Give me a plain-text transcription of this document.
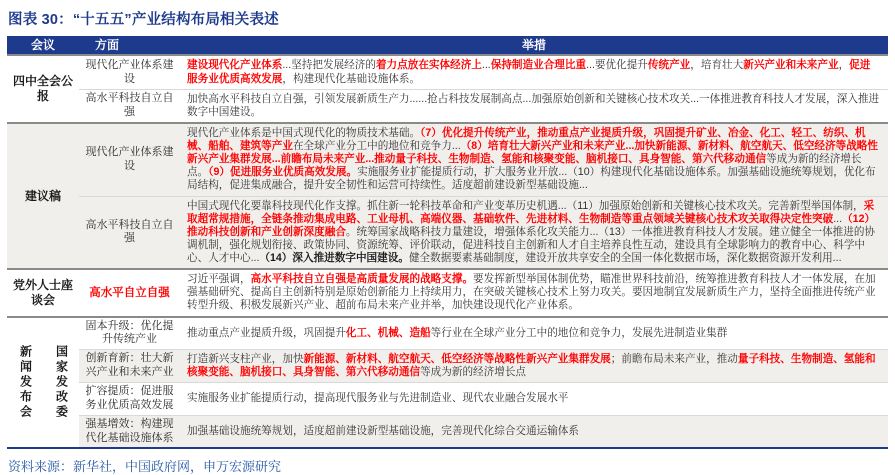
图表 30：“十五五”产业结构布局相关表述
会议		方面	举措
四中全会公报		现代化产业体系建设	建设现代化产业体系...坚持把发展经济的着力点放在实体经济上...保持制造业合理比重...要优化提升传统产业，培育壮大新兴产业和未来产业，促进服务业优质高效发展，构建现代化基础设施体系。
		高水平科技自立自强	加快高水平科技自立自强，引领发展新质生产力......抢占科技发展制高点...加强原始创新和关键核心技术攻关...一体推进教育科技人才发展，深入推进数字中国建设。
建议稿		现代化产业体系建设	现代化产业体系是中国式现代化的物质技术基础。（7）优化提升传统产业，推动重点产业提质升级，巩固提升矿业、冶金、化工、轻工、纺织、机械、船舶、建筑等产业在全球产业分工中的地位和竞争力...（8）培育壮大新兴产业和未来产业...加快新能源、新材料、航空航天、低空经济等战略性新兴产业集群发展...前瞻布局未来产业...推动量子科技、生物制造、氢能和核聚变能、脑机接口、具身智能、第六代移动通信等成为新的经济增长点。（9）促进服务业优质高效发展。实施服务业扩能提质行动，扩大服务业开放...（10）构建现代化基础设施体系。加强基础设施统筹规划，优化布局结构，促进集成融合，提升安全韧性和运营可持续性。适度超前建设新型基础设施...
		高水平科技自立自强	中国式现代化要靠科技现代化作支撑。抓住新一轮科技革命和产业变革历史机遇...（11）加强原始创新和关键核心技术攻关。完善新型举国体制，采取超常规措施，全链条推动集成电路、工业母机、高端仪器、基础软件、先进材料、生物制造等重点领域关键核心技术攻关取得决定性突破...（12）推动科技创新和产业创新深度融合。统筹国家战略科技力量建设，增强体系化攻关能力...（13）一体推进教育科技人才发展。建立健全一体推进的协调机制，强化规划衔接、政策协同、资源统筹、评价联动，促进科技自主创新和人才自主培养良性互动，建设具有全球影响力的教育中心、科学中心、人才中心...（14）深入推进数字中国建设。健全数据要素基础制度，建设开放共享安全的全国一体化数据市场，深化数据资源开发利用...
党外人士座谈会		高水平自立自强	习近平强调，高水平科技自立自强是高质量发展的战略支撑。要发挥新型举国体制优势，瞄准世界科技前沿，统筹推进教育科技人才一体发展，在加强基础研究、提高自主创新特别是原始创新能力上持续用力，在突破关键核心技术上努力攻关。要因地制宜发展新质生产力，坚持全面推进传统产业转型升级、积极发展新兴产业、超前布局未来产业并举，加快建设现代化产业体系。
新闻发布会	国家发改委	固本升级：优化提升传统产业	推动重点产业提质升级，巩固提升化工、机械、造船等行业在全球产业分工中的地位和竞争力，发展先进制造业集群
		创新育新：壮大新兴产业和未来产业	打造新兴支柱产业，加快新能源、新材料、航空航天、低空经济等战略性新兴产业集群发展；前瞻布局未来产业，推动量子科技、生物制造、氢能和核聚变能、脑机接口、具身智能、第六代移动通信等成为新的经济增长点
		扩容提质：促进服务业优质高效发展	实施服务业扩能提质行动，提高现代服务业与先进制造业、现代农业融合发展水平
		强基增效：构建现代化基础设施体系	加强基础设施统筹规划，适度超前建设新型基础设施，完善现代化综合交通运输体系
资料来源：新华社，中国政府网，申万宏源研究
